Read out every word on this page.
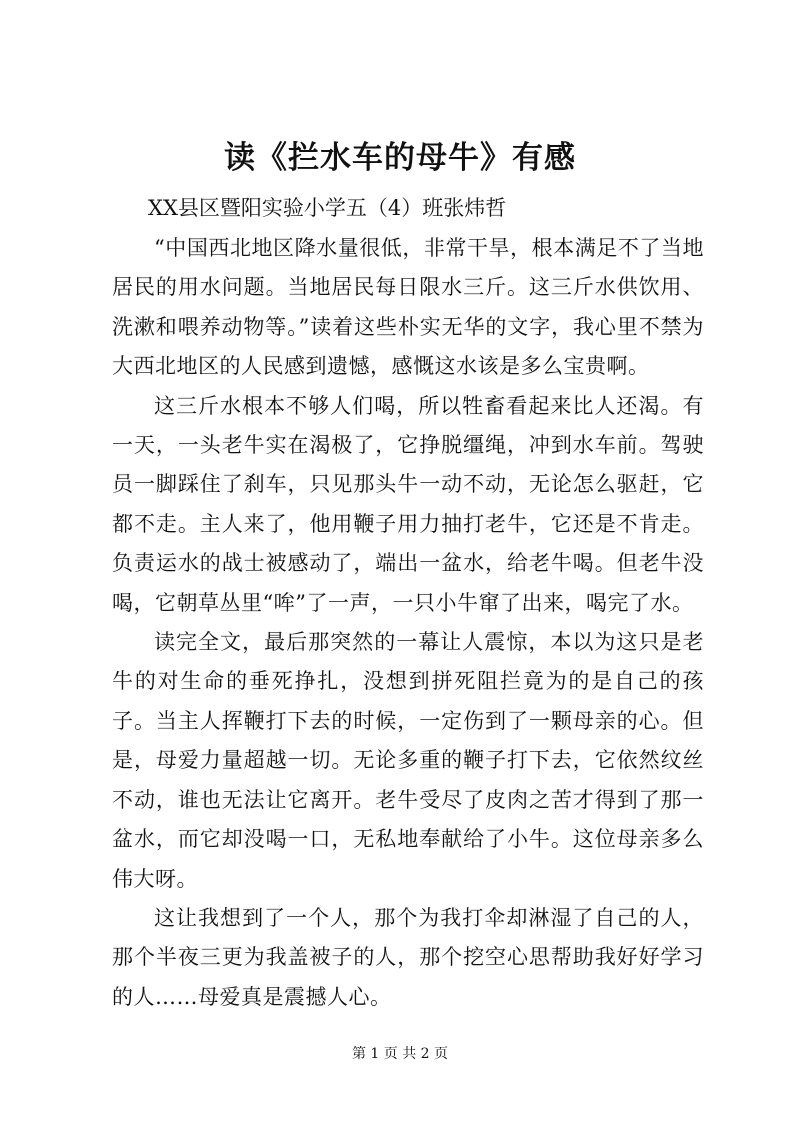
读《拦水车的母牛》有感

XX县区暨阳实验小学五（4）班张炜哲

“中国西北地区降水量很低，非常干旱，根本满足不了当地居民的用水问题。当地居民每日限水三斤。这三斤水供饮用、洗漱和喂养动物等。”读着这些朴实无华的文字，我心里不禁为大西北地区的人民感到遗憾，感慨这水该是多么宝贵啊。

这三斤水根本不够人们喝，所以牲畜看起来比人还渴。有一天，一头老牛实在渴极了，它挣脱缰绳，冲到水车前。驾驶员一脚踩住了刹车，只见那头牛一动不动，无论怎么驱赶，它都不走。主人来了，他用鞭子用力抽打老牛，它还是不肯走。负责运水的战士被感动了，端出一盆水，给老牛喝。但老牛没喝，它朝草丛里“哞”了一声，一只小牛窜了出来，喝完了水。

读完全文，最后那突然的一幕让人震惊，本以为这只是老牛的对生命的垂死挣扎，没想到拼死阻拦竟为的是自己的孩子。当主人挥鞭打下去的时候，一定伤到了一颗母亲的心。但是，母爱力量超越一切。无论多重的鞭子打下去，它依然纹丝不动，谁也无法让它离开。老牛受尽了皮肉之苦才得到了那一盆水，而它却没喝一口，无私地奉献给了小牛。这位母亲多么伟大呀。

这让我想到了一个人，那个为我打伞却淋湿了自己的人，那个半夜三更为我盖被子的人，那个挖空心思帮助我好好学习的人……母爱真是震撼人心。

第 1 页 共 2 页
